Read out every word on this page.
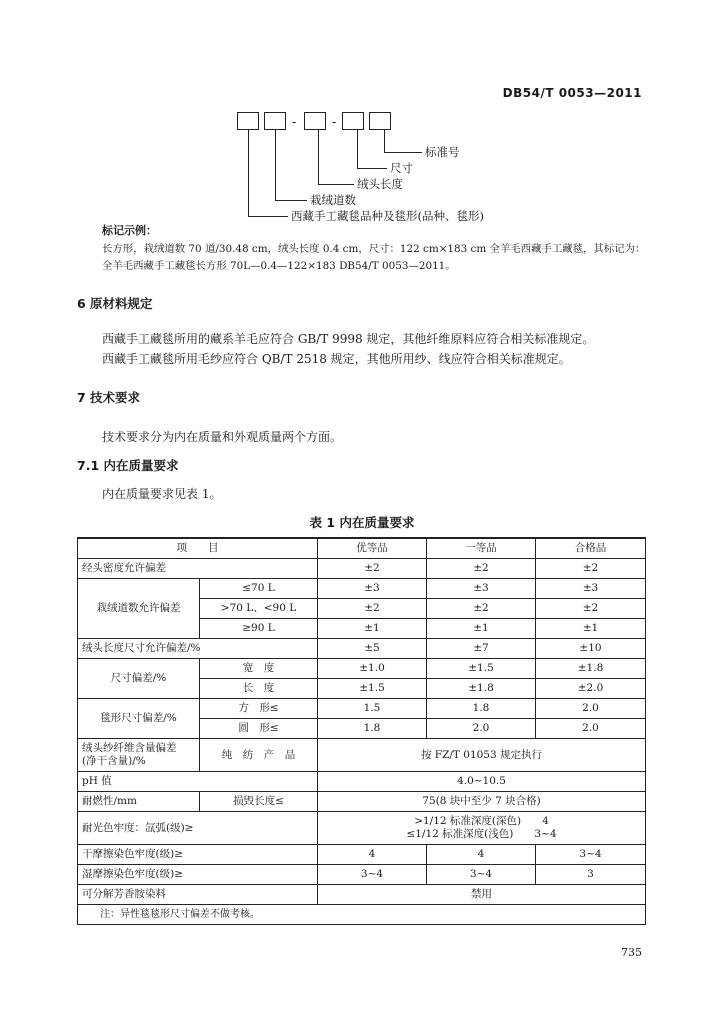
DB54/T 0053—2011
-	-
标准号
尺寸
绒头长度
栽绒道数
西藏手工藏毯品种及毯形(品种、毯形)
标记示例：
长方形，栽绒道数 70 道/30.48 cm，绒头长度 0.4 cm，尺寸：122 cm×183 cm 全羊毛西藏手工藏毯，其标记为：
全羊毛西藏手工藏毯长方形 70L—0.4—122×183 DB54/T 0053—2011。
6 原材料规定
西藏手工藏毯所用的藏系羊毛应符合 GB/T 9998 规定，其他纤维原料应符合相关标准规定。
西藏手工藏毯所用毛纱应符合 QB/T 2518 规定，其他所用纱、线应符合相关标准规定。
7 技术要求
技术要求分为内在质量和外观质量两个方面。
7.1 内在质量要求
内在质量要求见表 1。
表 1 内在质量要求
项　　目		优等品	一等品	合格品
经头密度允许偏差		±2	±2	±2
栽绒道数允许偏差	≤70 L	±3	±3	±3
	>70 L、<90 L	±2	±2	±2
	≥90 L	±1	±1	±1
绒头长度尺寸允许偏差/%		±5	±7	±10
尺寸偏差/%	宽　度	±1.0	±1.5	±1.8
	长　度	±1.5	±1.8	±2.0
毯形尺寸偏差/%	方　形≤	1.5	1.8	2.0
	圆　形≤	1.8	2.0	2.0

绒头纱纤维含量偏差
(净干含量)/%	纯　纺　产　品	按 FZ/T 01053 规定执行		
pH 值		4.0~10.5		
耐燃性/mm	损毁长度≤	75(8 块中至少 7 块合格)		
耐光色牢度：氙弧(级)≥		>1/12 标准深度(深色)　　4
≤1/12 标准深度(浅色)　　3~4		

干摩擦染色牢度(级)≥		4	4	3~4
湿摩擦染色牢度(级)≥		3~4	3~4	3
可分解芳香胺染料		禁用		
注：异性毯毯形尺寸偏差不做考核。				
735
